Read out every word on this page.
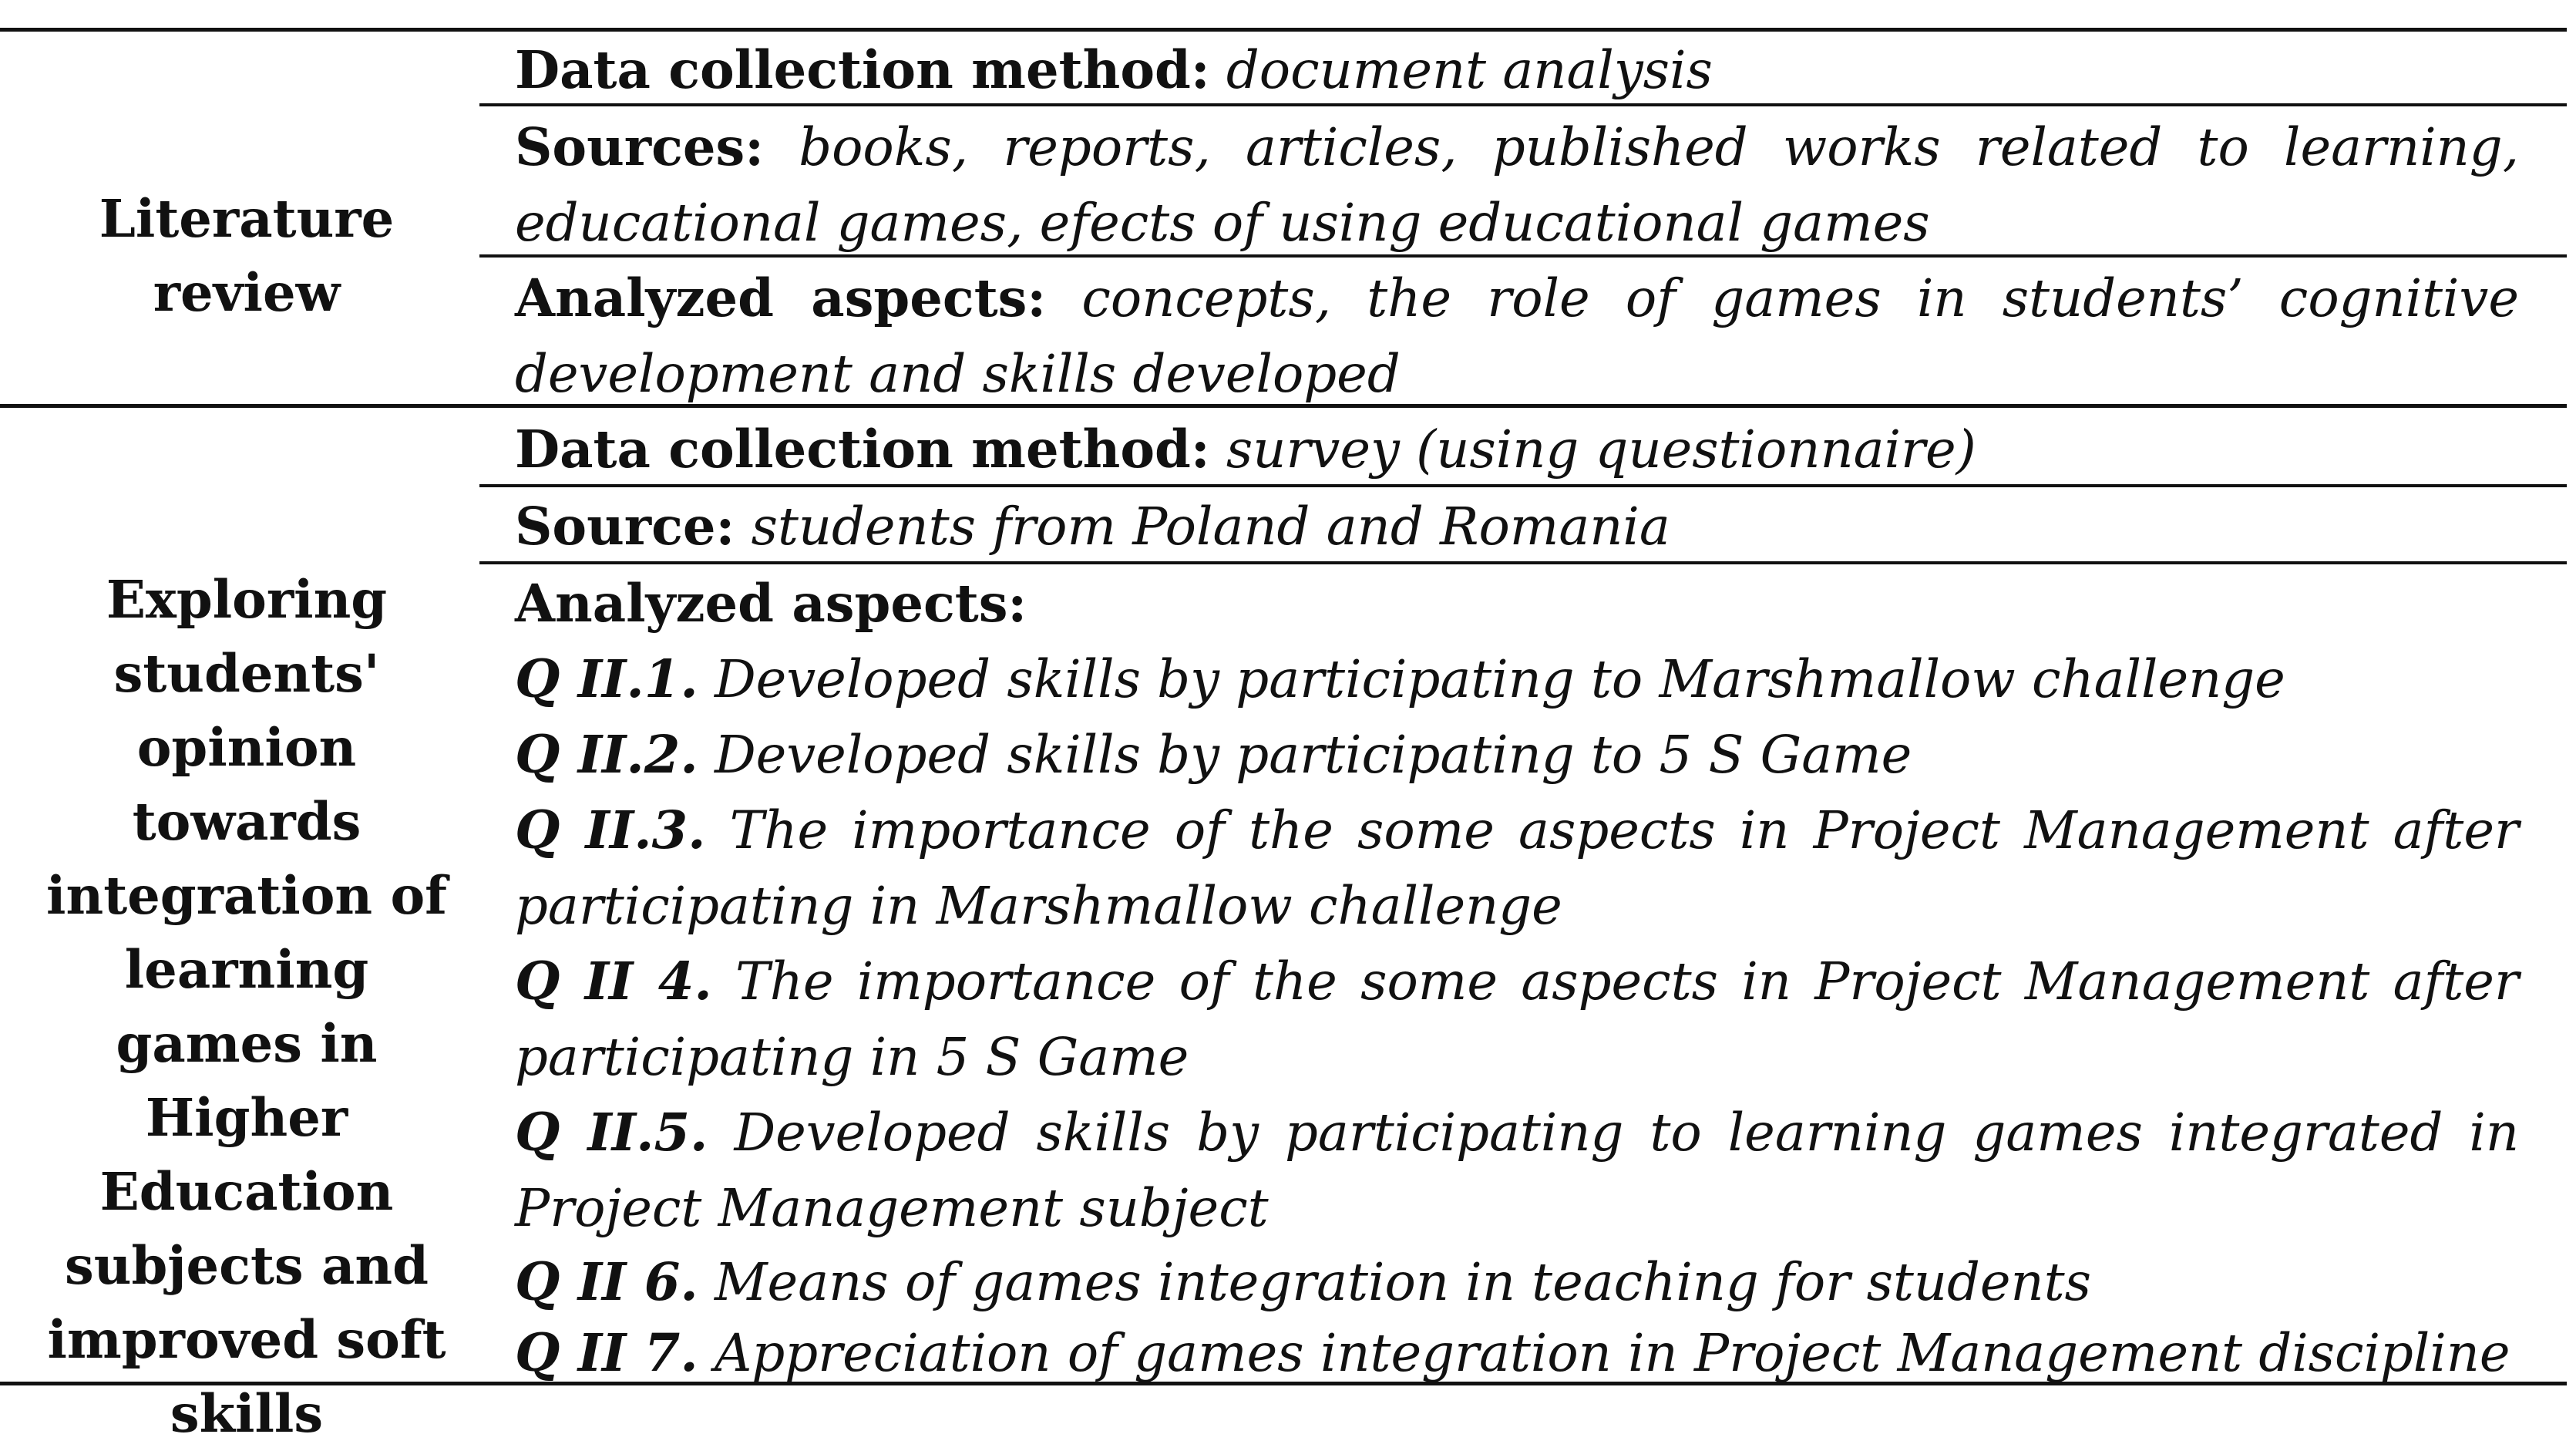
Literature review
Data collection method: document analysis
Sources: books, reports, articles, published works related to learning, educational games, efects of using educational games
Analyzed aspects: concepts, the role of games in students’ cognitive development and skills developed
Exploring students' opinion towards integration of learning games in Higher Education subjects and improved soft skills
Data collection method: survey (using questionnaire)
Source: students from Poland and Romania
Analyzed aspects:
Q II.1. Developed skills by participating to Marshmallow challenge
Q II.2. Developed skills by participating to 5 S Game
Q II.3. The importance of the some aspects in Project Management after participating in Marshmallow challenge
Q II 4. The importance of the some aspects in Project Management after participating in 5 S Game
Q II.5. Developed skills by participating to learning games integrated in Project Management subject
Q II 6. Means of games integration in teaching for students
Q II 7. Appreciation of games integration in Project Management discipline
